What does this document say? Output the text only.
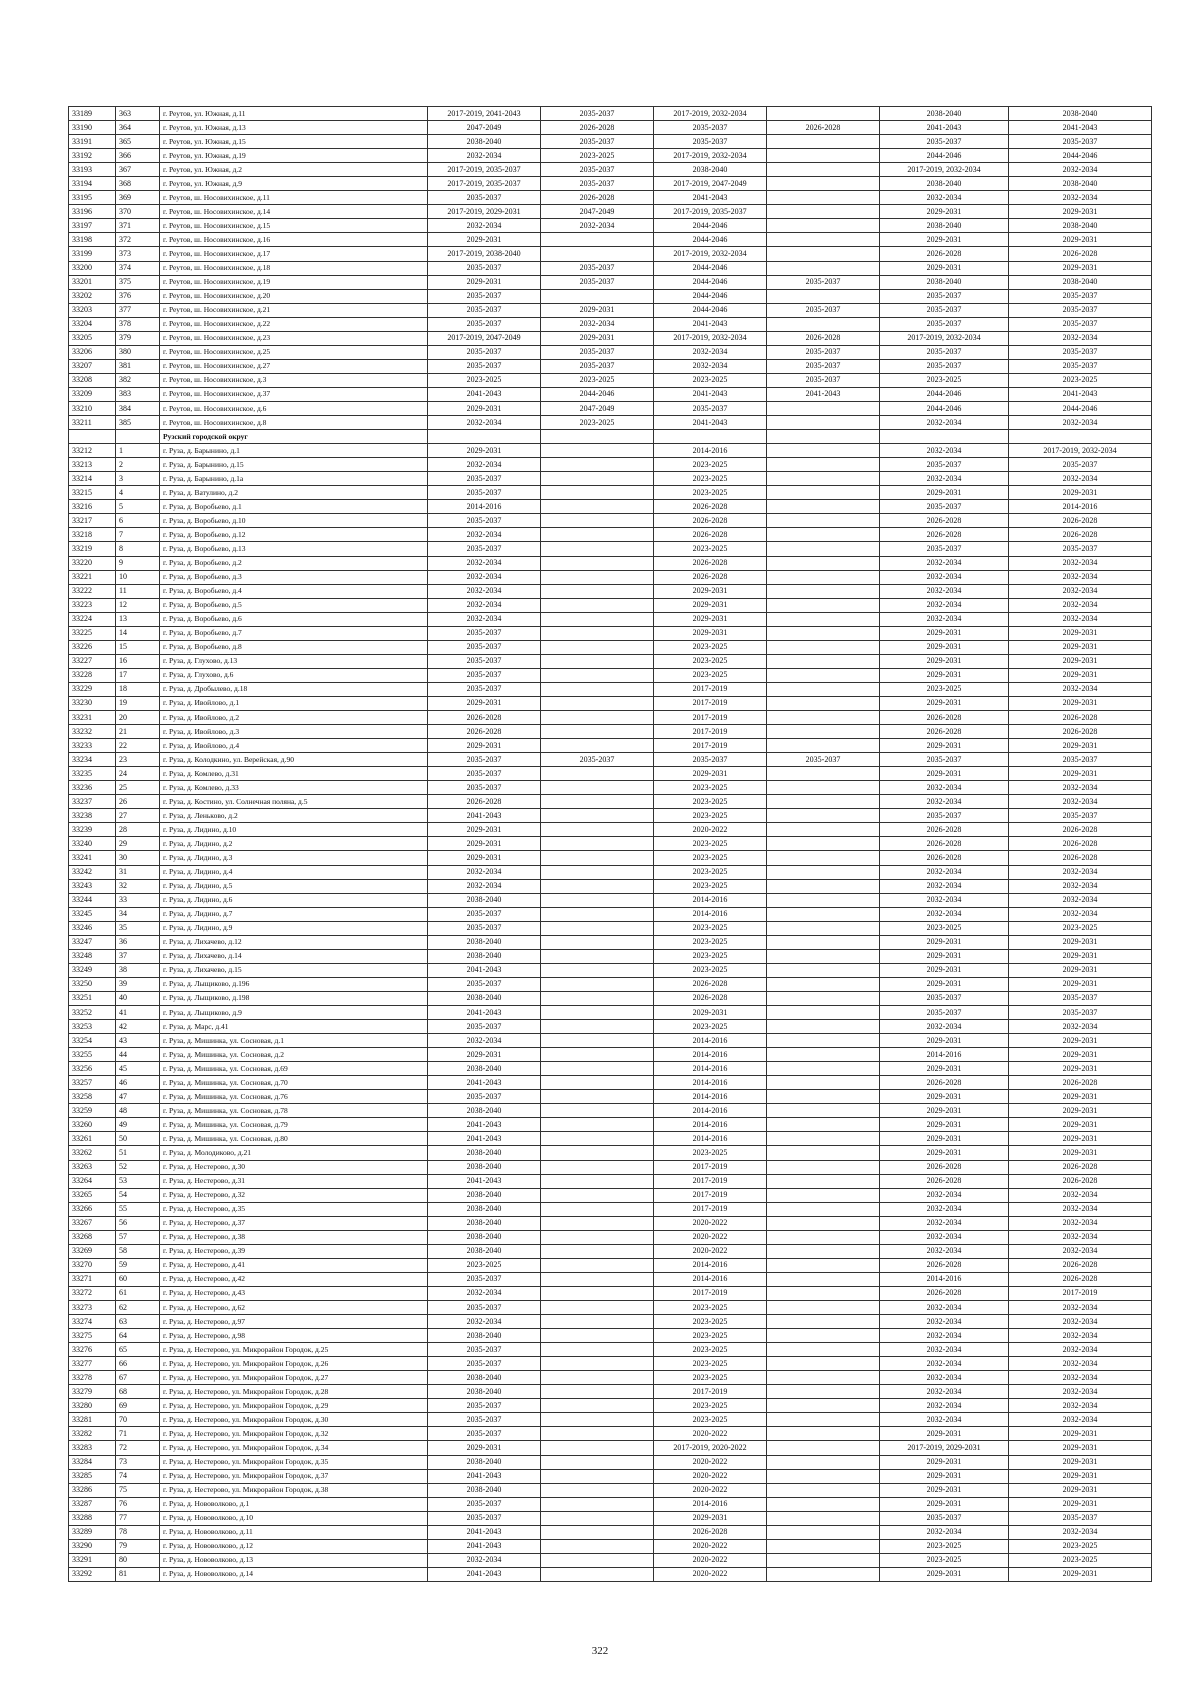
33189	363	г. Реутов, ул. Южная, д.11	2017-2019, 2041-2043	2035-2037	2017-2019, 2032-2034		2038-2040	2038-2040
33190	364	г. Реутов, ул. Южная, д.13	2047-2049	2026-2028	2035-2037	2026-2028	2041-2043	2041-2043
33191	365	г. Реутов, ул. Южная, д.15	2038-2040	2035-2037	2035-2037		2035-2037	2035-2037
33192	366	г. Реутов, ул. Южная, д.19	2032-2034	2023-2025	2017-2019, 2032-2034		2044-2046	2044-2046
33193	367	г. Реутов, ул. Южная, д.2	2017-2019, 2035-2037	2035-2037	2038-2040		2017-2019, 2032-2034	2032-2034
33194	368	г. Реутов, ул. Южная, д.9	2017-2019, 2035-2037	2035-2037	2017-2019, 2047-2049		2038-2040	2038-2040
33195	369	г. Реутов, ш. Носовихинское, д.11	2035-2037	2026-2028	2041-2043		2032-2034	2032-2034
33196	370	г. Реутов, ш. Носовихинское, д.14	2017-2019, 2029-2031	2047-2049	2017-2019, 2035-2037		2029-2031	2029-2031
33197	371	г. Реутов, ш. Носовихинское, д.15	2032-2034	2032-2034	2044-2046		2038-2040	2038-2040
33198	372	г. Реутов, ш. Носовихинское, д.16	2029-2031		2044-2046		2029-2031	2029-2031
33199	373	г. Реутов, ш. Носовихинское, д.17	2017-2019, 2038-2040		2017-2019, 2032-2034		2026-2028	2026-2028
33200	374	г. Реутов, ш. Носовихинское, д.18	2035-2037	2035-2037	2044-2046		2029-2031	2029-2031
33201	375	г. Реутов, ш. Носовихинское, д.19	2029-2031	2035-2037	2044-2046	2035-2037	2038-2040	2038-2040
33202	376	г. Реутов, ш. Носовихинское, д.20	2035-2037		2044-2046		2035-2037	2035-2037
33203	377	г. Реутов, ш. Носовихинское, д.21	2035-2037	2029-2031	2044-2046	2035-2037	2035-2037	2035-2037
33204	378	г. Реутов, ш. Носовихинское, д.22	2035-2037	2032-2034	2041-2043		2035-2037	2035-2037
33205	379	г. Реутов, ш. Носовихинское, д.23	2017-2019, 2047-2049	2029-2031	2017-2019, 2032-2034	2026-2028	2017-2019, 2032-2034	2032-2034
33206	380	г. Реутов, ш. Носовихинское, д.25	2035-2037	2035-2037	2032-2034	2035-2037	2035-2037	2035-2037
33207	381	г. Реутов, ш. Носовихинское, д.27	2035-2037	2035-2037	2032-2034	2035-2037	2035-2037	2035-2037
33208	382	г. Реутов, ш. Носовихинское, д.3	2023-2025	2023-2025	2023-2025	2035-2037	2023-2025	2023-2025
33209	383	г. Реутов, ш. Носовихинское, д.37	2041-2043	2044-2046	2041-2043	2041-2043	2044-2046	2041-2043
33210	384	г. Реутов, ш. Носовихинское, д.6	2029-2031	2047-2049	2035-2037		2044-2046	2044-2046
33211	385	г. Реутов, ш. Носовихинское, д.8	2032-2034	2023-2025	2041-2043		2032-2034	2032-2034
		Рузский городской округ						
33212	1	г. Руза, д. Барынино, д.1	2029-2031		2014-2016		2032-2034	2017-2019, 2032-2034
33213	2	г. Руза, д. Барынино, д.15	2032-2034		2023-2025		2035-2037	2035-2037
33214	3	г. Руза, д. Барынино, д.1а	2035-2037		2023-2025		2032-2034	2032-2034
33215	4	г. Руза, д. Ватулино, д.2	2035-2037		2023-2025		2029-2031	2029-2031
33216	5	г. Руза, д. Воробьево, д.1	2014-2016		2026-2028		2035-2037	2014-2016
33217	6	г. Руза, д. Воробьево, д.10	2035-2037		2026-2028		2026-2028	2026-2028
33218	7	г. Руза, д. Воробьево, д.12	2032-2034		2026-2028		2026-2028	2026-2028
33219	8	г. Руза, д. Воробьево, д.13	2035-2037		2023-2025		2035-2037	2035-2037
33220	9	г. Руза, д. Воробьево, д.2	2032-2034		2026-2028		2032-2034	2032-2034
33221	10	г. Руза, д. Воробьево, д.3	2032-2034		2026-2028		2032-2034	2032-2034
33222	11	г. Руза, д. Воробьево, д.4	2032-2034		2029-2031		2032-2034	2032-2034
33223	12	г. Руза, д. Воробьево, д.5	2032-2034		2029-2031		2032-2034	2032-2034
33224	13	г. Руза, д. Воробьево, д.6	2032-2034		2029-2031		2032-2034	2032-2034
33225	14	г. Руза, д. Воробьево, д.7	2035-2037		2029-2031		2029-2031	2029-2031
33226	15	г. Руза, д. Воробьево, д.8	2035-2037		2023-2025		2029-2031	2029-2031
33227	16	г. Руза, д. Глухово, д.13	2035-2037		2023-2025		2029-2031	2029-2031
33228	17	г. Руза, д. Глухово, д.6	2035-2037		2023-2025		2029-2031	2029-2031
33229	18	г. Руза, д. Дробылево, д.18	2035-2037		2017-2019		2023-2025	2032-2034
33230	19	г. Руза, д. Ивойлово, д.1	2029-2031		2017-2019		2029-2031	2029-2031
33231	20	г. Руза, д. Ивойлово, д.2	2026-2028		2017-2019		2026-2028	2026-2028
33232	21	г. Руза, д. Ивойлово, д.3	2026-2028		2017-2019		2026-2028	2026-2028
33233	22	г. Руза, д. Ивойлово, д.4	2029-2031		2017-2019		2029-2031	2029-2031
33234	23	г. Руза, д. Колодкино, ул. Верейская, д.90	2035-2037	2035-2037	2035-2037	2035-2037	2035-2037	2035-2037
33235	24	г. Руза, д. Комлево, д.31	2035-2037		2029-2031		2029-2031	2029-2031
33236	25	г. Руза, д. Комлево, д.33	2035-2037		2023-2025		2032-2034	2032-2034
33237	26	г. Руза, д. Костино, ул. Солнечная поляна, д.5	2026-2028		2023-2025		2032-2034	2032-2034
33238	27	г. Руза, д. Леньково, д.2	2041-2043		2023-2025		2035-2037	2035-2037
33239	28	г. Руза, д. Лидино, д.10	2029-2031		2020-2022		2026-2028	2026-2028
33240	29	г. Руза, д. Лидино, д.2	2029-2031		2023-2025		2026-2028	2026-2028
33241	30	г. Руза, д. Лидино, д.3	2029-2031		2023-2025		2026-2028	2026-2028
33242	31	г. Руза, д. Лидино, д.4	2032-2034		2023-2025		2032-2034	2032-2034
33243	32	г. Руза, д. Лидино, д.5	2032-2034		2023-2025		2032-2034	2032-2034
33244	33	г. Руза, д. Лидино, д.6	2038-2040		2014-2016		2032-2034	2032-2034
33245	34	г. Руза, д. Лидино, д.7	2035-2037		2014-2016		2032-2034	2032-2034
33246	35	г. Руза, д. Лидино, д.9	2035-2037		2023-2025		2023-2025	2023-2025
33247	36	г. Руза, д. Лихачево, д.12	2038-2040		2023-2025		2029-2031	2029-2031
33248	37	г. Руза, д. Лихачево, д.14	2038-2040		2023-2025		2029-2031	2029-2031
33249	38	г. Руза, д. Лихачево, д.15	2041-2043		2023-2025		2029-2031	2029-2031
33250	39	г. Руза, д. Лыщиково, д.196	2035-2037		2026-2028		2029-2031	2029-2031
33251	40	г. Руза, д. Лыщиково, д.198	2038-2040		2026-2028		2035-2037	2035-2037
33252	41	г. Руза, д. Лыщиково, д.9	2041-2043		2029-2031		2035-2037	2035-2037
33253	42	г. Руза, д. Марс, д.41	2035-2037		2023-2025		2032-2034	2032-2034
33254	43	г. Руза, д. Мишинка, ул. Сосновая, д.1	2032-2034		2014-2016		2029-2031	2029-2031
33255	44	г. Руза, д. Мишинка, ул. Сосновая, д.2	2029-2031		2014-2016		2014-2016	2029-2031
33256	45	г. Руза, д. Мишинка, ул. Сосновая, д.69	2038-2040		2014-2016		2029-2031	2029-2031
33257	46	г. Руза, д. Мишинка, ул. Сосновая, д.70	2041-2043		2014-2016		2026-2028	2026-2028
33258	47	г. Руза, д. Мишинка, ул. Сосновая, д.76	2035-2037		2014-2016		2029-2031	2029-2031
33259	48	г. Руза, д. Мишинка, ул. Сосновая, д.78	2038-2040		2014-2016		2029-2031	2029-2031
33260	49	г. Руза, д. Мишинка, ул. Сосновая, д.79	2041-2043		2014-2016		2029-2031	2029-2031
33261	50	г. Руза, д. Мишинка, ул. Сосновая, д.80	2041-2043		2014-2016		2029-2031	2029-2031
33262	51	г. Руза, д. Молодиково, д.21	2038-2040		2023-2025		2029-2031	2029-2031
33263	52	г. Руза, д. Нестерово, д.30	2038-2040		2017-2019		2026-2028	2026-2028
33264	53	г. Руза, д. Нестерово, д.31	2041-2043		2017-2019		2026-2028	2026-2028
33265	54	г. Руза, д. Нестерово, д.32	2038-2040		2017-2019		2032-2034	2032-2034
33266	55	г. Руза, д. Нестерово, д.35	2038-2040		2017-2019		2032-2034	2032-2034
33267	56	г. Руза, д. Нестерово, д.37	2038-2040		2020-2022		2032-2034	2032-2034
33268	57	г. Руза, д. Нестерово, д.38	2038-2040		2020-2022		2032-2034	2032-2034
33269	58	г. Руза, д. Нестерово, д.39	2038-2040		2020-2022		2032-2034	2032-2034
33270	59	г. Руза, д. Нестерово, д.41	2023-2025		2014-2016		2026-2028	2026-2028
33271	60	г. Руза, д. Нестерово, д.42	2035-2037		2014-2016		2014-2016	2026-2028
33272	61	г. Руза, д. Нестерово, д.43	2032-2034		2017-2019		2026-2028	2017-2019
33273	62	г. Руза, д. Нестерово, д.62	2035-2037		2023-2025		2032-2034	2032-2034
33274	63	г. Руза, д. Нестерово, д.97	2032-2034		2023-2025		2032-2034	2032-2034
33275	64	г. Руза, д. Нестерово, д.98	2038-2040		2023-2025		2032-2034	2032-2034
33276	65	г. Руза, д. Нестерово, ул. Микрорайон Городок, д.25	2035-2037		2023-2025		2032-2034	2032-2034
33277	66	г. Руза, д. Нестерово, ул. Микрорайон Городок, д.26	2035-2037		2023-2025		2032-2034	2032-2034
33278	67	г. Руза, д. Нестерово, ул. Микрорайон Городок, д.27	2038-2040		2023-2025		2032-2034	2032-2034
33279	68	г. Руза, д. Нестерово, ул. Микрорайон Городок, д.28	2038-2040		2017-2019		2032-2034	2032-2034
33280	69	г. Руза, д. Нестерово, ул. Микрорайон Городок, д.29	2035-2037		2023-2025		2032-2034	2032-2034
33281	70	г. Руза, д. Нестерово, ул. Микрорайон Городок, д.30	2035-2037		2023-2025		2032-2034	2032-2034
33282	71	г. Руза, д. Нестерово, ул. Микрорайон Городок, д.32	2035-2037		2020-2022		2029-2031	2029-2031
33283	72	г. Руза, д. Нестерово, ул. Микрорайон Городок, д.34	2029-2031		2017-2019, 2020-2022		2017-2019, 2029-2031	2029-2031
33284	73	г. Руза, д. Нестерово, ул. Микрорайон Городок, д.35	2038-2040		2020-2022		2029-2031	2029-2031
33285	74	г. Руза, д. Нестерово, ул. Микрорайон Городок, д.37	2041-2043		2020-2022		2029-2031	2029-2031
33286	75	г. Руза, д. Нестерово, ул. Микрорайон Городок, д.38	2038-2040		2020-2022		2029-2031	2029-2031
33287	76	г. Руза, д. Нововолково, д.1	2035-2037		2014-2016		2029-2031	2029-2031
33288	77	г. Руза, д. Нововолково, д.10	2035-2037		2029-2031		2035-2037	2035-2037
33289	78	г. Руза, д. Нововолково, д.11	2041-2043		2026-2028		2032-2034	2032-2034
33290	79	г. Руза, д. Нововолково, д.12	2041-2043		2020-2022		2023-2025	2023-2025
33291	80	г. Руза, д. Нововолково, д.13	2032-2034		2020-2022		2023-2025	2023-2025
33292	81	г. Руза, д. Нововолково, д.14	2041-2043		2020-2022		2029-2031	2029-2031
322
